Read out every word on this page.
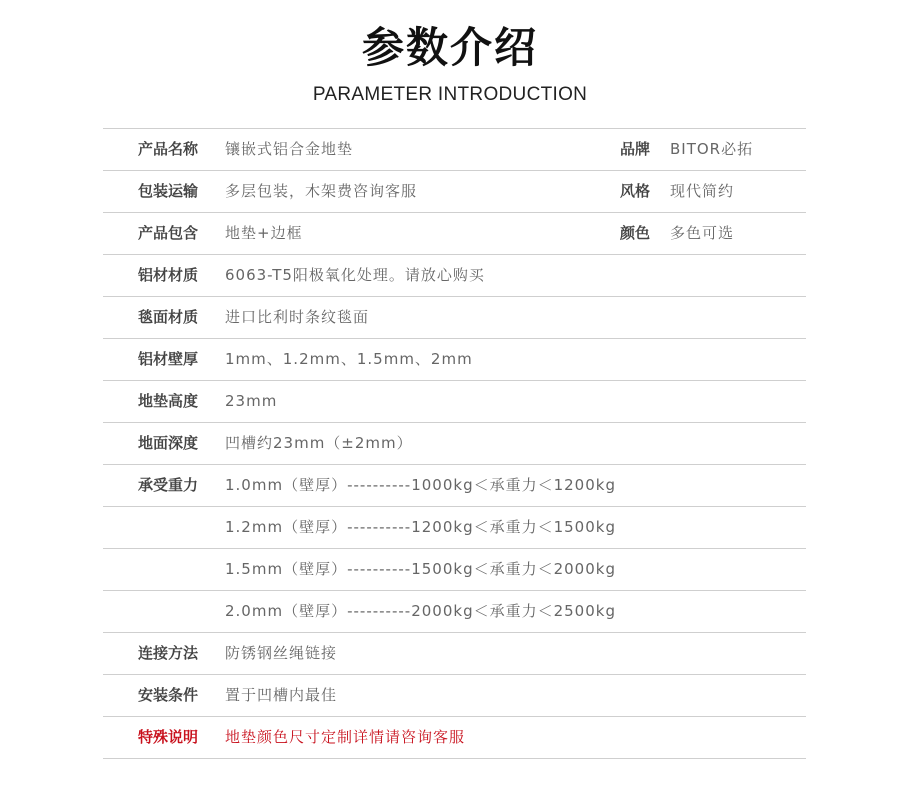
参数介绍
PARAMETER INTRODUCTION
产品名称 镶嵌式铝合金地垫	品牌 BITOR必拓
包装运输 多层包装，木架费咨询客服	风格 现代简约
产品包含 地垫+边框	颜色 多色可选
铝材材质 6063-T5阳极氧化处理。请放心购买
毯面材质 进口比利时条纹毯面
铝材壁厚 1mm、1.2mm、1.5mm、2mm
地垫高度 23mm
地面深度 凹槽约23mm（±2mm）
承受重力 1.0mm（壁厚）----------1000kg＜承重力＜1200kg
1.2mm（壁厚）----------1200kg＜承重力＜1500kg
1.5mm（壁厚）----------1500kg＜承重力＜2000kg
2.0mm（壁厚）----------2000kg＜承重力＜2500kg
连接方法 防锈钢丝绳链接
安装条件 置于凹槽内最佳
特殊说明 地垫颜色尺寸定制详情请咨询客服
